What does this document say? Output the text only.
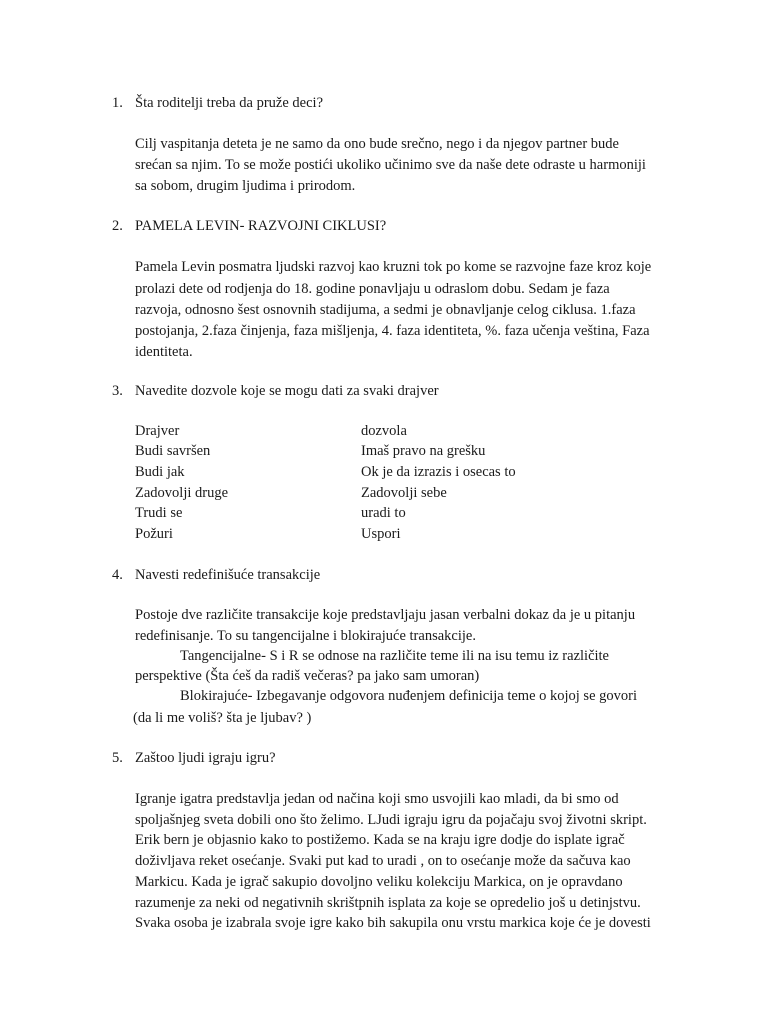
1. Šta roditelji treba da pruže deci?
Cilj vaspitanja deteta je ne samo da ono bude srečno, nego i da njegov partner bude
srećan sa njim. To se može postići ukoliko učinimo sve da naše dete odraste u harmoniji
sa sobom, drugim ljudima i prirodom.
2. PAMELA LEVIN- RAZVOJNI CIKLUSI?
Pamela Levin posmatra ljudski razvoj kao kruzni tok po kome se razvojne faze kroz koje
prolazi dete od rodjenja do 18. godine ponavljaju u odraslom dobu. Sedam je faza
razvoja, odnosno šest osnovnih stadijuma, a sedmi je obnavljanje celog ciklusa. 1.faza
postojanja, 2.faza činjenja, faza mišljenja, 4. faza identiteta, %. faza učenja veština, Faza
identiteta.
3. Navedite dozvole koje se mogu dati za svaki drajver
Drajver	dozvola
Budi savršen	Imaš pravo na grešku
Budi jak	Ok je da izrazis i osecas to
Zadovolji druge	Zadovolji sebe
Trudi se	uradi to
Požuri	Uspori
4. Navesti redefinišuće transakcije
Postoje dve različite transakcije koje predstavljaju jasan verbalni dokaz da je u pitanju
redefinisanje. To su tangencijalne i blokirajuće transakcije.
Tangencijalne- S i R se odnose na različite teme ili na isu temu iz različite
perspektive (Šta ćeš da radiš večeras? pa jako sam umoran)
Blokirajuće- Izbegavanje odgovora nuđenjem definicija teme o kojoj se govori
(da li me voliš? šta je ljubav? )
5. Zaštoo ljudi igraju igru?
Igranje igatra predstavlja jedan od načina koji smo usvojili kao mladi, da bi smo od
spoljašnjeg sveta dobili ono što želimo. LJudi igraju igru da pojačaju svoj životni skript.
Erik bern je objasnio kako to postižemo. Kada se na kraju igre dodje do isplate igrač
doživljava reket osećanje. Svaki put kad to uradi , on to osećanje može da sačuva kao
Markicu. Kada je igrač sakupio dovoljno veliku kolekciju Markica, on je opravdano
razumenje za neki od negativnih skrištpnih isplata za koje se opredelio još u detinjstvu.
Svaka osoba je izabrala svoje igre kako bih sakupila onu vrstu markica koje će je dovesti
